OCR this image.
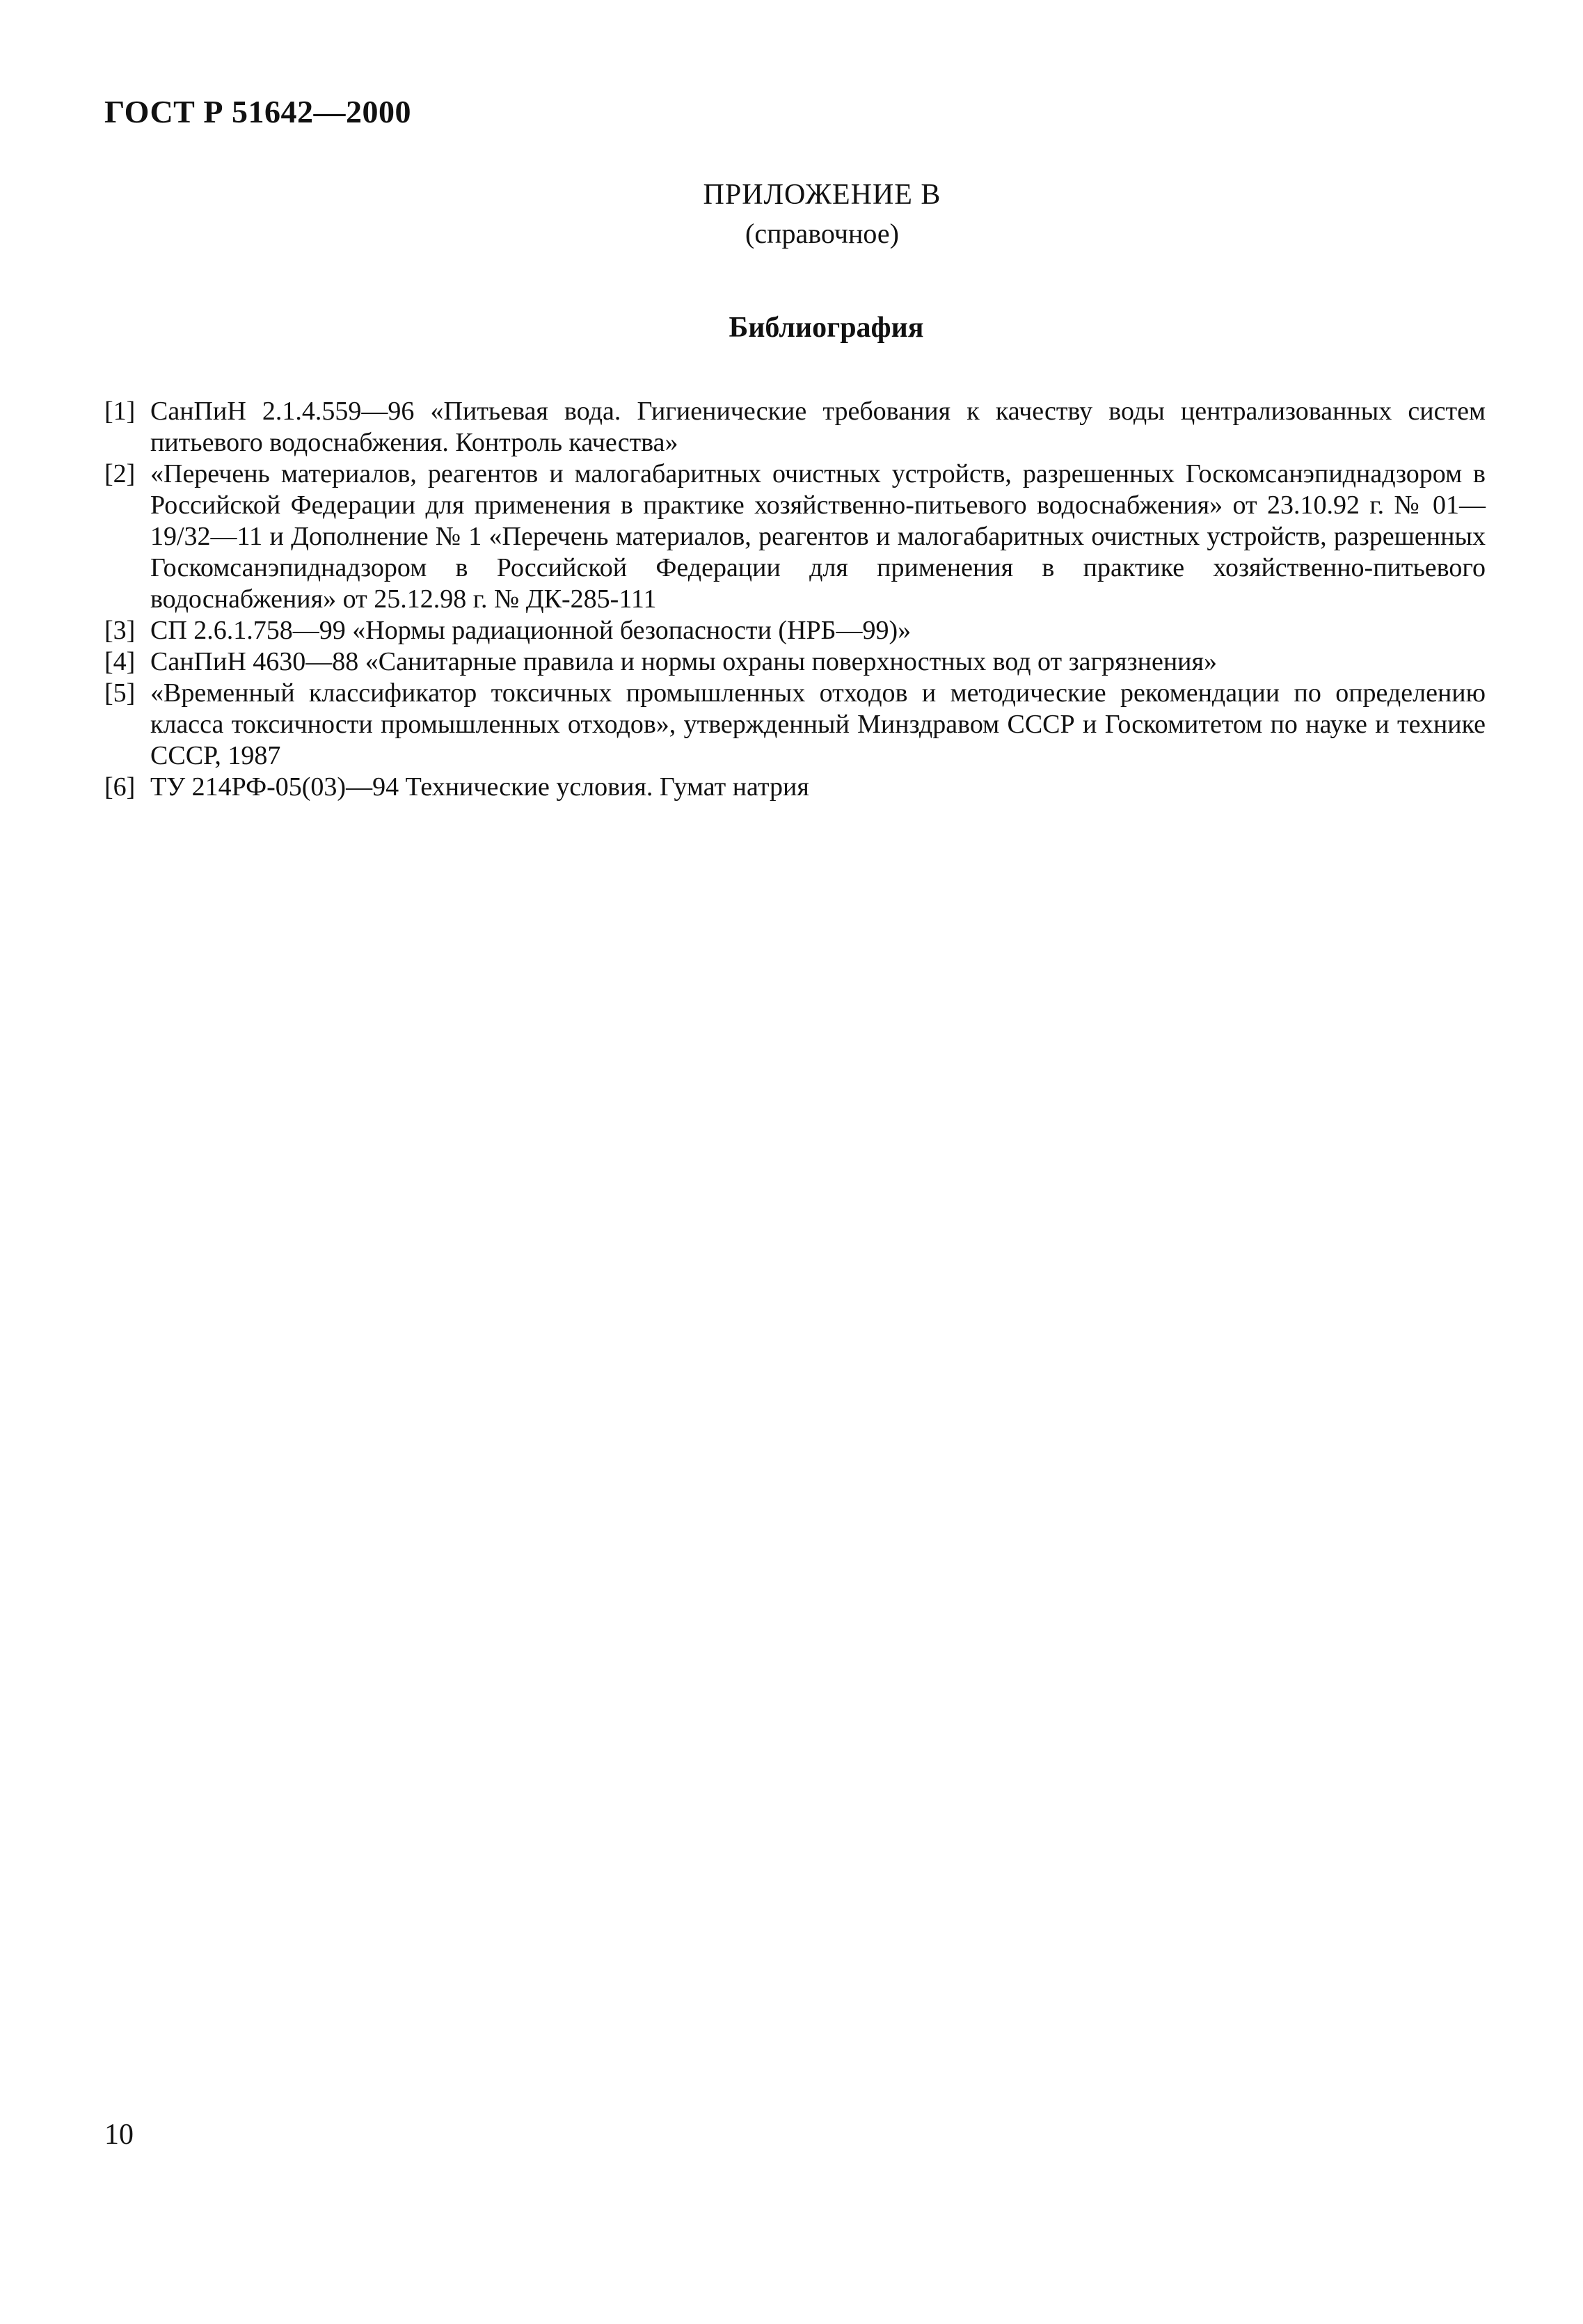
ГОСТ Р 51642—2000
ПРИЛОЖЕНИЕ В
(справочное)
Библиография
[1] СанПиН 2.1.4.559—96 «Питьевая вода. Гигиенические требования к качеству воды централизованных систем питьевого водоснабжения. Контроль качества»
[2] «Перечень материалов, реагентов и малогабаритных очистных устройств, разрешенных Госкомсанэпиднадзором в Российской Федерации для применения в практике хозяйственно-питьевого водоснабжения» от 23.10.92 г. № 01—19/32—11 и Дополнение № 1 «Перечень материалов, реагентов и малогабаритных очистных устройств, разрешенных Госкомсанэпиднадзором в Российской Федерации для применения в практике хозяйственно-питьевого водоснабжения» от 25.12.98 г. № ДК-285-111
[3] СП 2.6.1.758—99 «Нормы радиационной безопасности (НРБ—99)»
[4] СанПиН 4630—88 «Санитарные правила и нормы охраны поверхностных вод от загрязнения»
[5] «Временный классификатор токсичных промышленных отходов и методические рекомендации по определению класса токсичности промышленных отходов», утвержденный Минздравом СССР и Госкомитетом по науке и технике СССР, 1987
[6] ТУ 214РФ-05(03)—94 Технические условия. Гумат натрия
10
